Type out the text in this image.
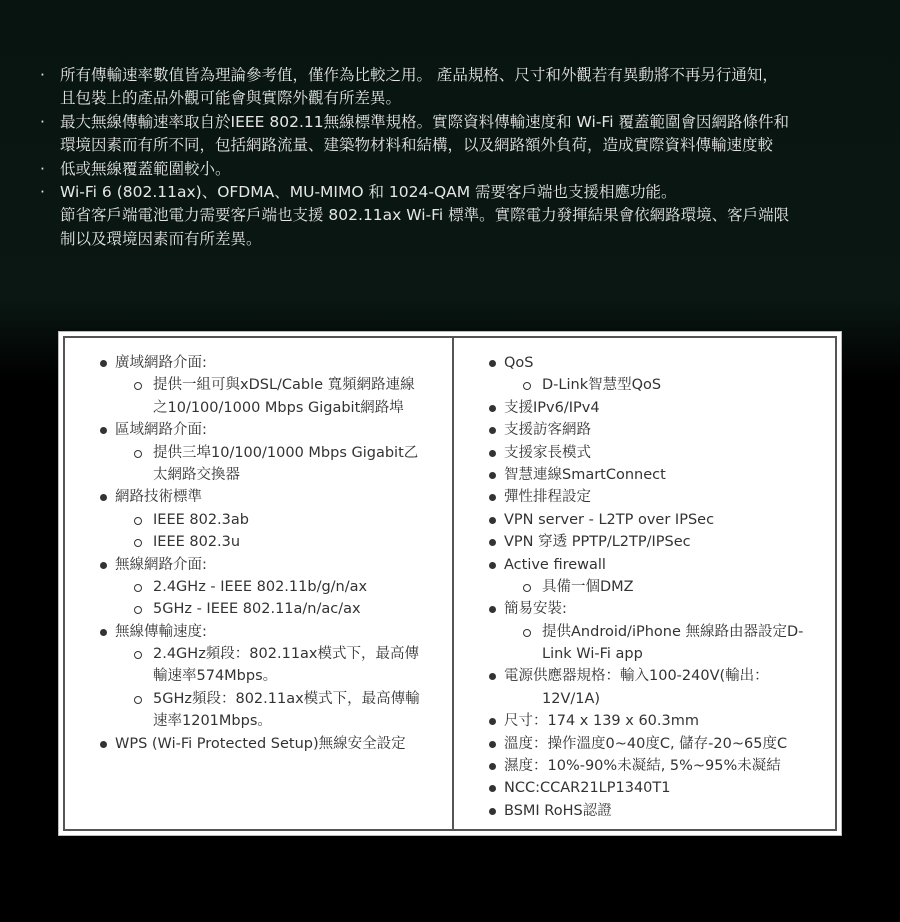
· 所有傳輸速率數值皆為理論參考值，僅作為比較之用。 產品規格、尺寸和外觀若有異動將不再另行通知，
且包裝上的產品外觀可能會與實際外觀有所差異。
· 最大無線傳輸速率取自於IEEE 802.11無線標準規格。實際資料傳輸速度和 Wi-Fi 覆蓋範圍會因網路條件和
環境因素而有所不同，包括網路流量、建築物材料和結構，以及網路額外負荷，造成實際資料傳輸速度較
· 低或無線覆蓋範圍較小。
· Wi-Fi 6 (802.11ax)、OFDMA、MU-MIMO 和 1024-QAM 需要客戶端也支援相應功能。
節省客戶端電池電力需要客戶端也支援 802.11ax Wi-Fi 標準。實際電力發揮結果會依網路環境、客戶端限
制以及環境因素而有所差異。
廣域網路介面:
提供一組可與xDSL/Cable 寬頻網路連線
之10/100/1000 Mbps Gigabit網路埠
區域網路介面:
提供三埠10/100/1000 Mbps Gigabit乙
太網路交換器
網路技術標準
IEEE 802.3ab
IEEE 802.3u
無線網路介面:
2.4GHz - IEEE 802.11b/g/n/ax
5GHz - IEEE 802.11a/n/ac/ax
無線傳輸速度:
2.4GHz頻段：802.11ax模式下，最高傳
輸速率574Mbps。
5GHz頻段：802.11ax模式下，最高傳輸
速率1201Mbps。
WPS (Wi-Fi Protected Setup)無線安全設定
QoS
D-Link智慧型QoS
支援IPv6/IPv4
支援訪客網路
支援家長模式
智慧連線SmartConnect
彈性排程設定
VPN server - L2TP over IPSec
VPN 穿透 PPTP/L2TP/IPSec
Active firewall
具備一個DMZ
簡易安裝:
提供Android/iPhone 無線路由器設定D-
Link Wi-Fi app
電源供應器規格：輸入100-240V(輸出：
12V/1A)
尺寸：174 x 139 x 60.3mm
溫度：操作溫度0~40度C, 儲存-20~65度C
濕度：10%-90%未凝結, 5%~95%未凝結
NCC:CCAR21LP1340T1
BSMI RoHS認證
